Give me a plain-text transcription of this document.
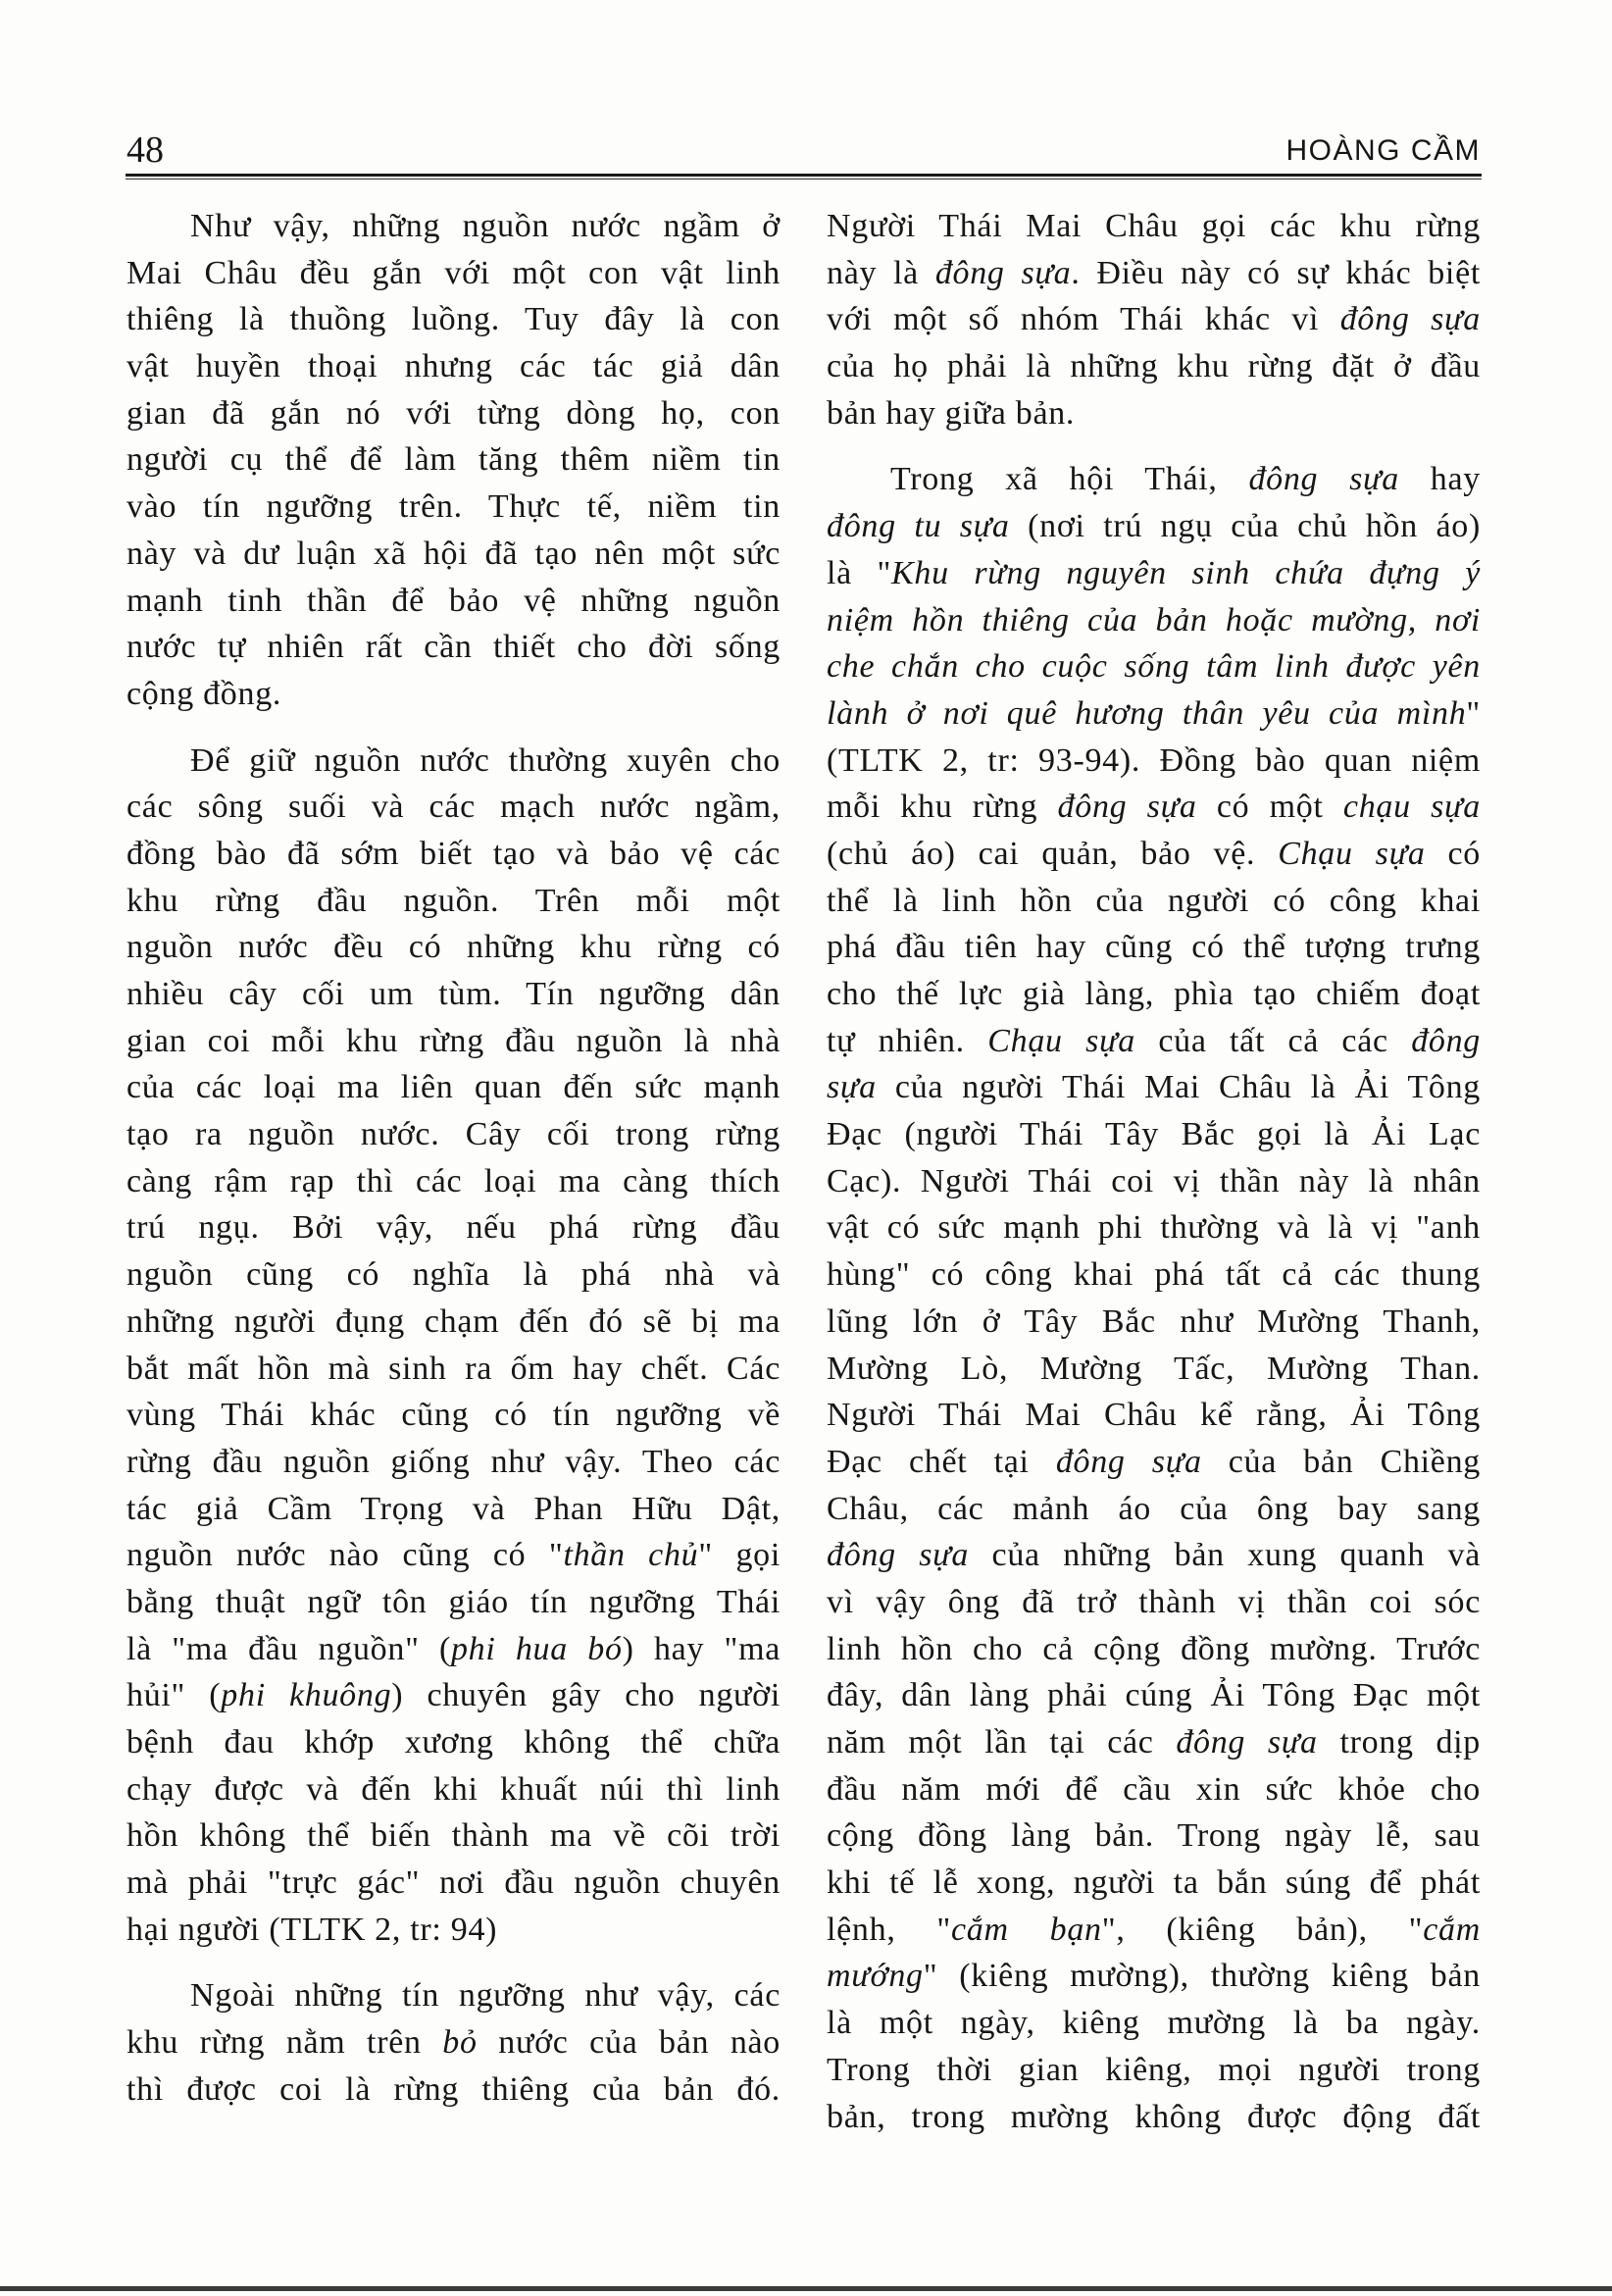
48	HOÀNG CẦM
Như vậy, những nguồn nước ngầm ở
Mai Châu đều gắn với một con vật linh
thiêng là thuồng luồng. Tuy đây là con
vật huyền thoại nhưng các tác giả dân
gian đã gắn nó với từng dòng họ, con
người cụ thể để làm tăng thêm niềm tin
vào tín ngưỡng trên. Thực tế, niềm tin
này và dư luận xã hội đã tạo nên một sức
mạnh tinh thần để bảo vệ những nguồn
nước tự nhiên rất cần thiết cho đời sống
cộng đồng.
Để giữ nguồn nước thường xuyên cho
các sông suối và các mạch nước ngầm,
đồng bào đã sớm biết tạo và bảo vệ các
khu rừng đầu nguồn. Trên mỗi một
nguồn nước đều có những khu rừng có
nhiều cây cối um tùm. Tín ngưỡng dân
gian coi mỗi khu rừng đầu nguồn là nhà
của các loại ma liên quan đến sức mạnh
tạo ra nguồn nước. Cây cối trong rừng
càng rậm rạp thì các loại ma càng thích
trú ngụ. Bởi vậy, nếu phá rừng đầu
nguồn cũng có nghĩa là phá nhà và
những người đụng chạm đến đó sẽ bị ma
bắt mất hồn mà sinh ra ốm hay chết. Các
vùng Thái khác cũng có tín ngưỡng về
rừng đầu nguồn giống như vậy. Theo các
tác giả Cầm Trọng và Phan Hữu Dật,
nguồn nước nào cũng có "thần chủ" gọi
bằng thuật ngữ tôn giáo tín ngưỡng Thái
là "ma đầu nguồn" (phi hua bó) hay "ma
hủi" (phi khuông) chuyên gây cho người
bệnh đau khớp xương không thể chữa
chạy được và đến khi khuất núi thì linh
hồn không thể biến thành ma về cõi trời
mà phải "trực gác" nơi đầu nguồn chuyên
hại người (TLTK 2, tr: 94)
Ngoài những tín ngưỡng như vậy, các
khu rừng nằm trên bỏ nước của bản nào
thì được coi là rừng thiêng của bản đó.
Người Thái Mai Châu gọi các khu rừng
này là đông sựa. Điều này có sự khác biệt
với một số nhóm Thái khác vì đông sựa
của họ phải là những khu rừng đặt ở đầu
bản hay giữa bản.
Trong xã hội Thái, đông sựa hay
đông tu sựa (nơi trú ngụ của chủ hồn áo)
là "Khu rừng nguyên sinh chứa đựng ý
niệm hồn thiêng của bản hoặc mường, nơi
che chắn cho cuộc sống tâm linh được yên
lành ở nơi quê hương thân yêu của mình"
(TLTK 2, tr: 93-94). Đồng bào quan niệm
mỗi khu rừng đông sựa có một chạu sựa
(chủ áo) cai quản, bảo vệ. Chạu sựa có
thể là linh hồn của người có công khai
phá đầu tiên hay cũng có thể tượng trưng
cho thế lực già làng, phìa tạo chiếm đoạt
tự nhiên. Chạu sựa của tất cả các đông
sựa của người Thái Mai Châu là Ải Tông
Đạc (người Thái Tây Bắc gọi là Ải Lạc
Cạc). Người Thái coi vị thần này là nhân
vật có sức mạnh phi thường và là vị "anh
hùng" có công khai phá tất cả các thung
lũng lớn ở Tây Bắc như Mường Thanh,
Mường Lò, Mường Tấc, Mường Than.
Người Thái Mai Châu kể rằng, Ải Tông
Đạc chết tại đông sựa của bản Chiềng
Châu, các mảnh áo của ông bay sang
đông sựa của những bản xung quanh và
vì vậy ông đã trở thành vị thần coi sóc
linh hồn cho cả cộng đồng mường. Trước
đây, dân làng phải cúng Ải Tông Đạc một
năm một lần tại các đông sựa trong dịp
đầu năm mới để cầu xin sức khỏe cho
cộng đồng làng bản. Trong ngày lễ, sau
khi tế lễ xong, người ta bắn súng để phát
lệnh, "cắm bạn", (kiêng bản), "cắm
mướng" (kiêng mường), thường kiêng bản
là một ngày, kiêng mường là ba ngày.
Trong thời gian kiêng, mọi người trong
bản, trong mường không được động đất
